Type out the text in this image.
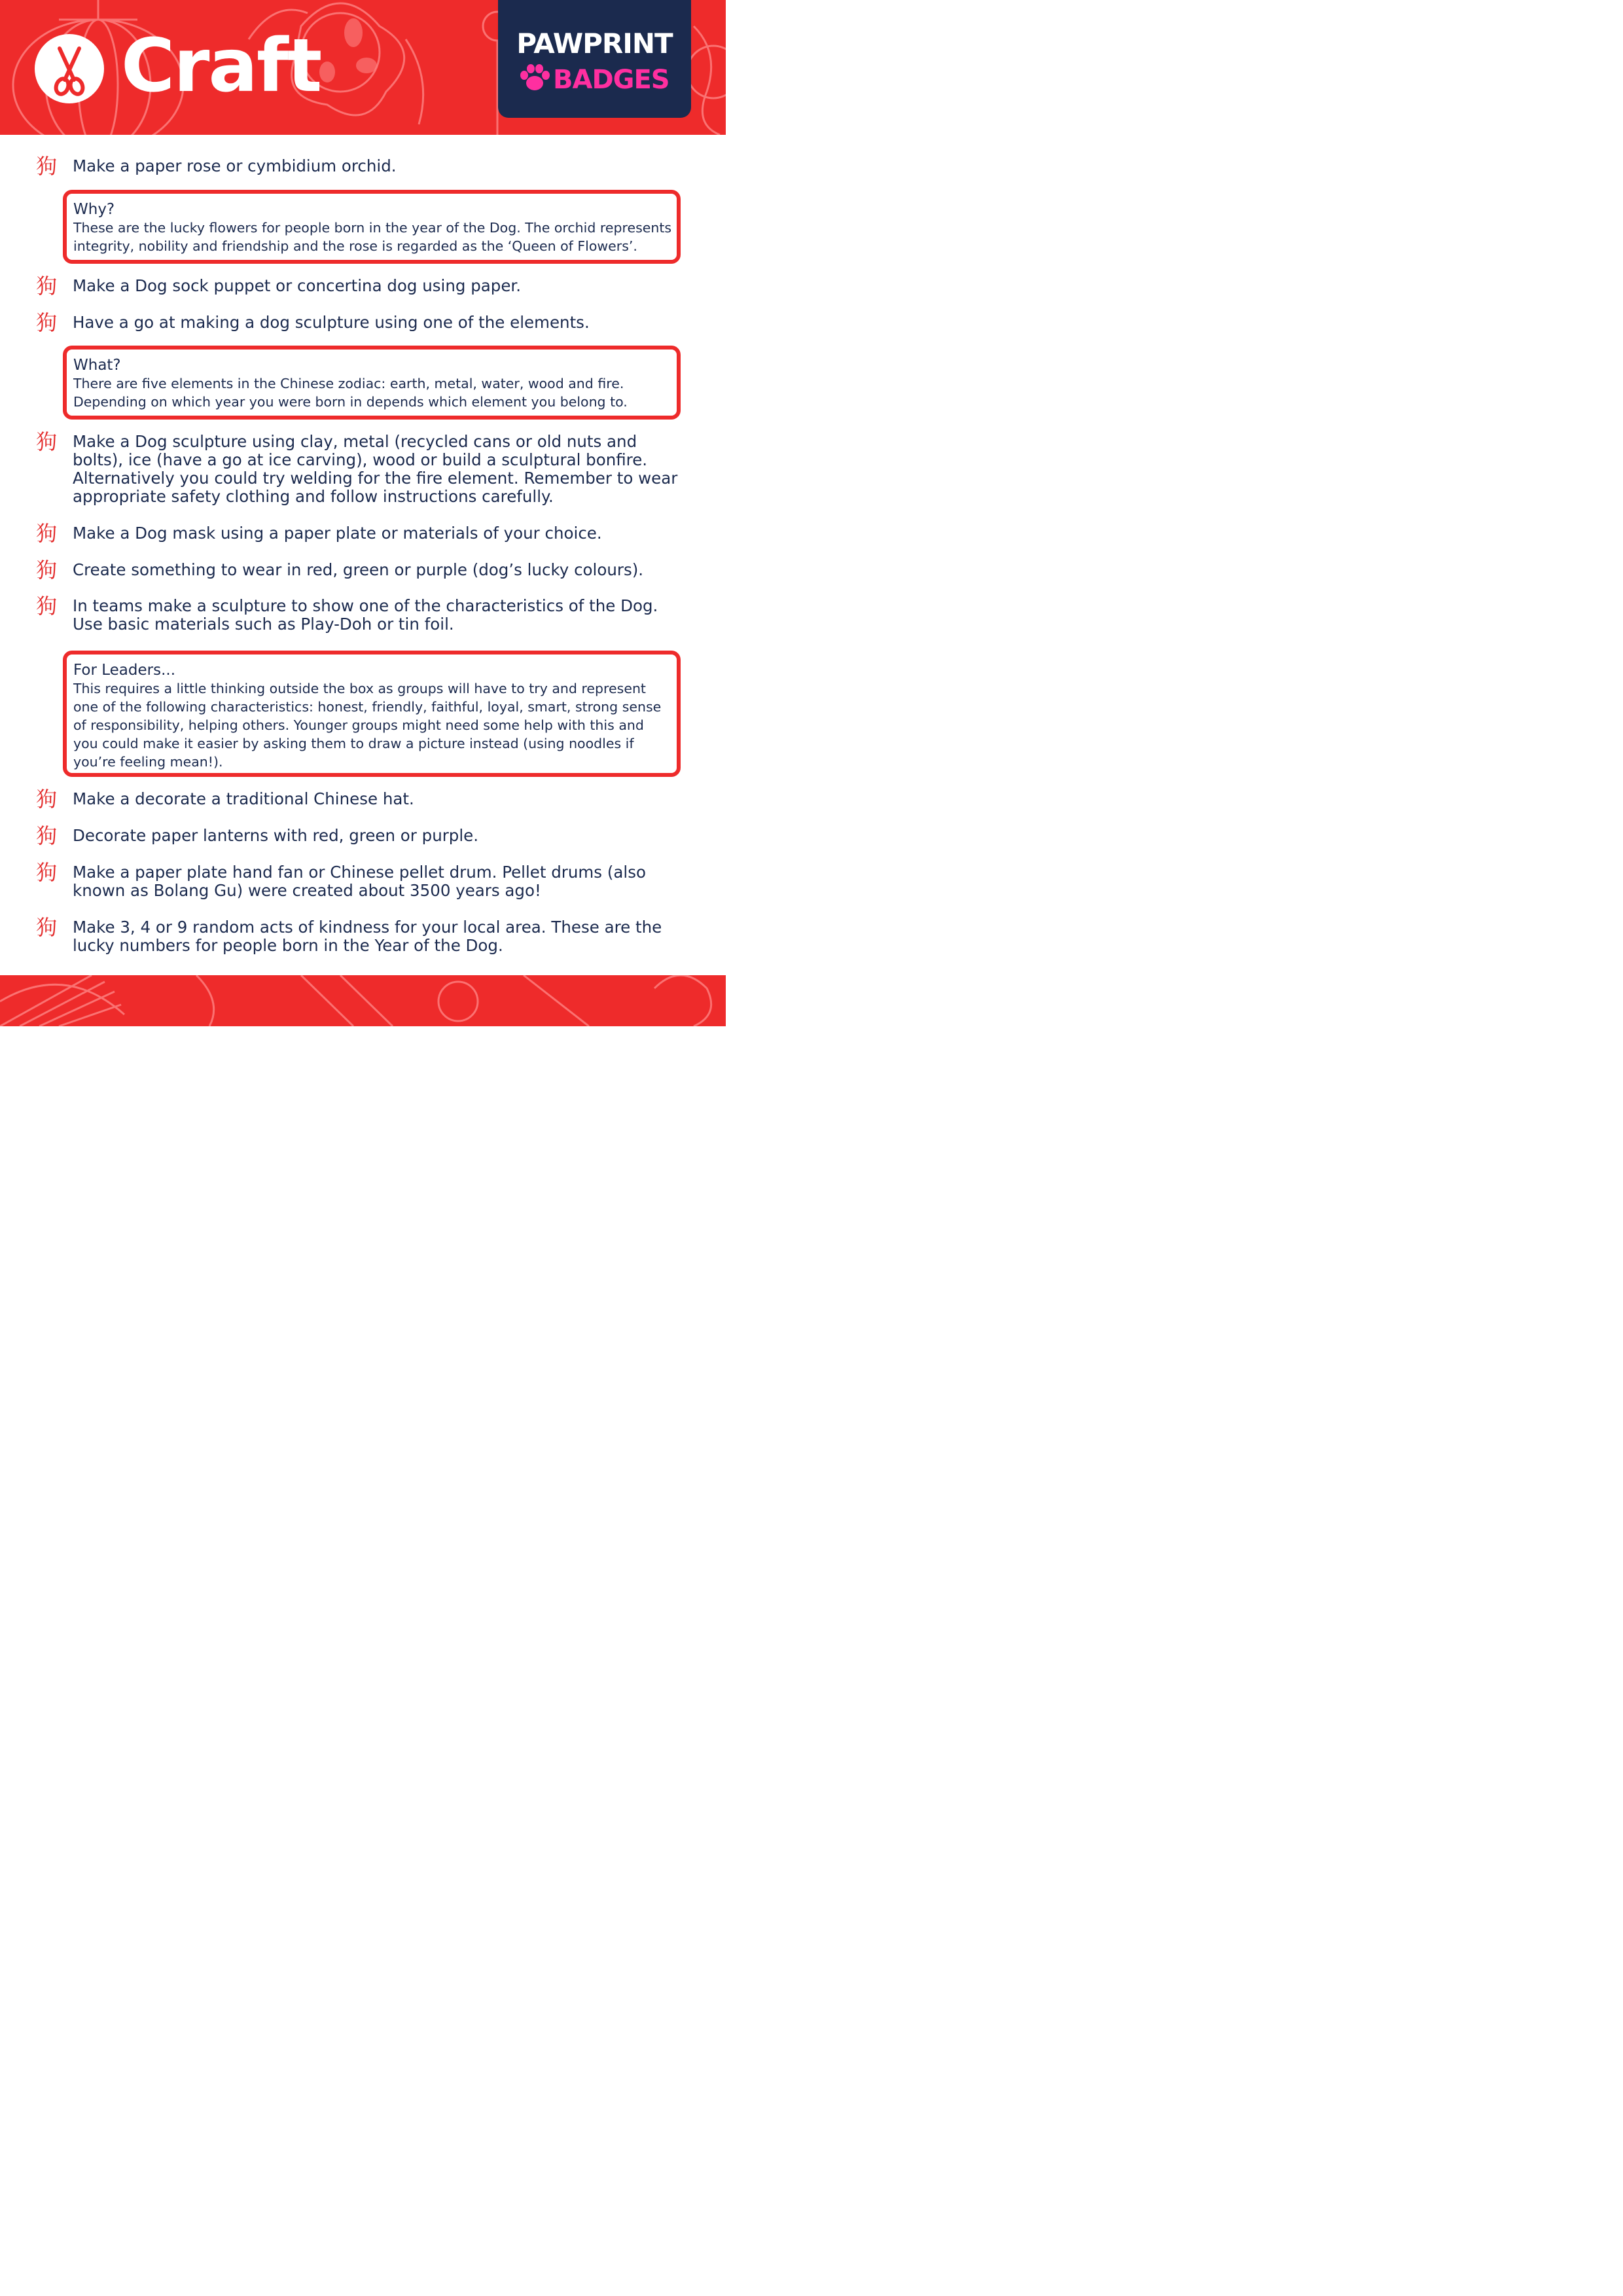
Craft	PAWPRINT
BADGES
狗 Make a paper rose or cymbidium orchid.
Why?
These are the lucky flowers for people born in the year of the Dog. The orchid represents integrity, nobility and friendship and the rose is regarded as the ‘Queen of Flowers’.
狗 Make a Dog sock puppet or concertina dog using paper.
狗 Have a go at making a dog sculpture using one of the elements.
What?
There are five elements in the Chinese zodiac: earth, metal, water, wood and fire. Depending on which year you were born in depends which element you belong to.
狗 Make a Dog sculpture using clay, metal (recycled cans or old nuts and bolts), ice (have a go at ice carving), wood or build a sculptural bonfire. Alternatively you could try welding for the fire element. Remember to wear appropriate safety clothing and follow instructions carefully.
狗 Make a Dog mask using a paper plate or materials of your choice.
狗 Create something to wear in red, green or purple (dog’s lucky colours).
狗 In teams make a sculpture to show one of the characteristics of the Dog. Use basic materials such as Play-Doh or tin foil.
For Leaders...
This requires a little thinking outside the box as groups will have to try and represent one of the following characteristics: honest, friendly, faithful, loyal, smart, strong sense of responsibility, helping others. Younger groups might need some help with this and you could make it easier by asking them to draw a picture instead (using noodles if you’re feeling mean!).
狗 Make a decorate a traditional Chinese hat.
狗 Decorate paper lanterns with red, green or purple.
狗 Make a paper plate hand fan or Chinese pellet drum. Pellet drums (also known as Bolang Gu) were created about 3500 years ago!
狗 Make 3, 4 or 9 random acts of kindness for your local area. These are the lucky numbers for people born in the Year of the Dog.
